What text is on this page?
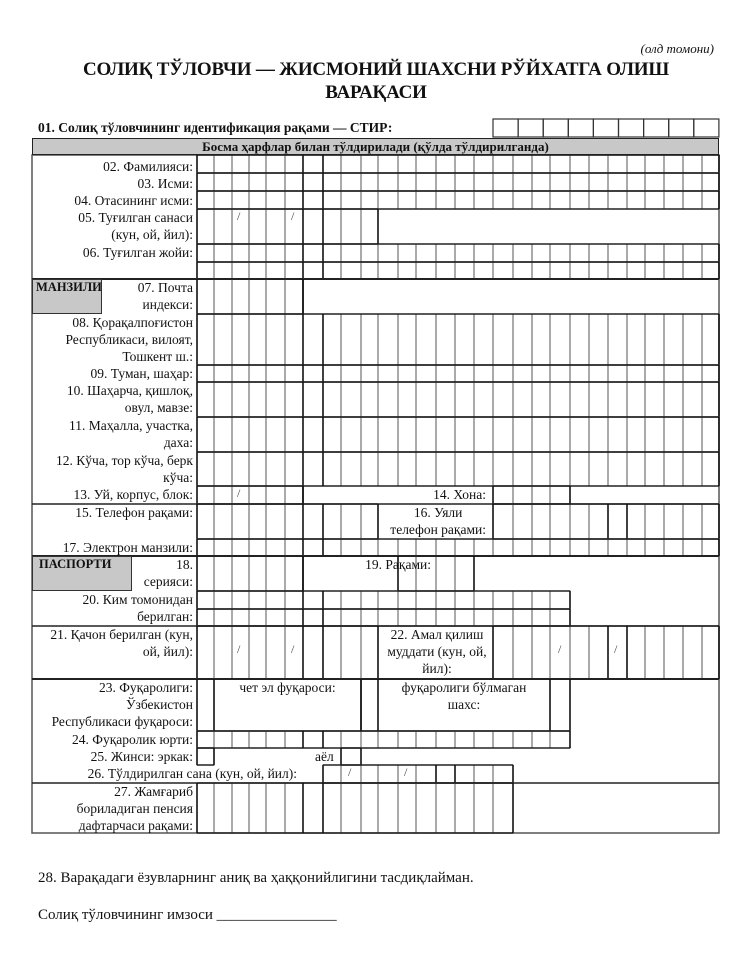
(олд томони)
СОЛИҚ ТЎЛОВЧИ — ЖИСМОНИЙ ШАХСНИ РЎЙХАТГА ОЛИШ
ВАРАҚАСИ
01. Солиқ тўловчининг идентификация рақами — СТИР:
Босма ҳарфлар билан тўлдирилади (қўлда тўлдирилганда)
02. Фамилияси:
03. Исми:
04. Отасининг исми:
05. Туғилган санаси
(кун, ой, йил):
06. Туғилган жойи:
МАНЗИЛИ	07. Почта
индекси:
08. Қорақалпоғистон
Республикаси, вилоят,
Тошкент ш.:
09. Туман, шаҳар:
10. Шаҳарча, қишлоқ,
овул, мавзе:
11. Маҳалла, участка,
даха:
12. Кўча, тор кўча, берк
кўча:
13. Уй, корпус, блок:	14. Хона:
15. Телефон рақами:	16. Уяли
телефон рақами:
17. Электрон манзили:
ПАСПОРТИ	18.
серияси:
19. Рақами:
20. Ким томонидан
берилган:
21. Қачон берилган (кун,
ой, йил):
22. Амал қилиш
муддати (кун, ой,
йил):
23. Фуқаролиги:
Ўзбекистон
Республикаси фуқароси:
чет эл фуқароси:	фуқаролиги бўлмаган
шахс:
24. Фуқаролик юрти:
25. Жинси: эркак:	аёл
26. Тўлдирилган сана (кун, ой, йил):
27. Жамғариб
бориладиган пенсия
дафтарчаси рақами:
/	/
/
/	/	/	/
/	/
28. Варақадаги ёзувларнинг аниқ ва ҳаққонийлигини тасдиқлайман.
Солиқ тўловчининг имзоси ________________
